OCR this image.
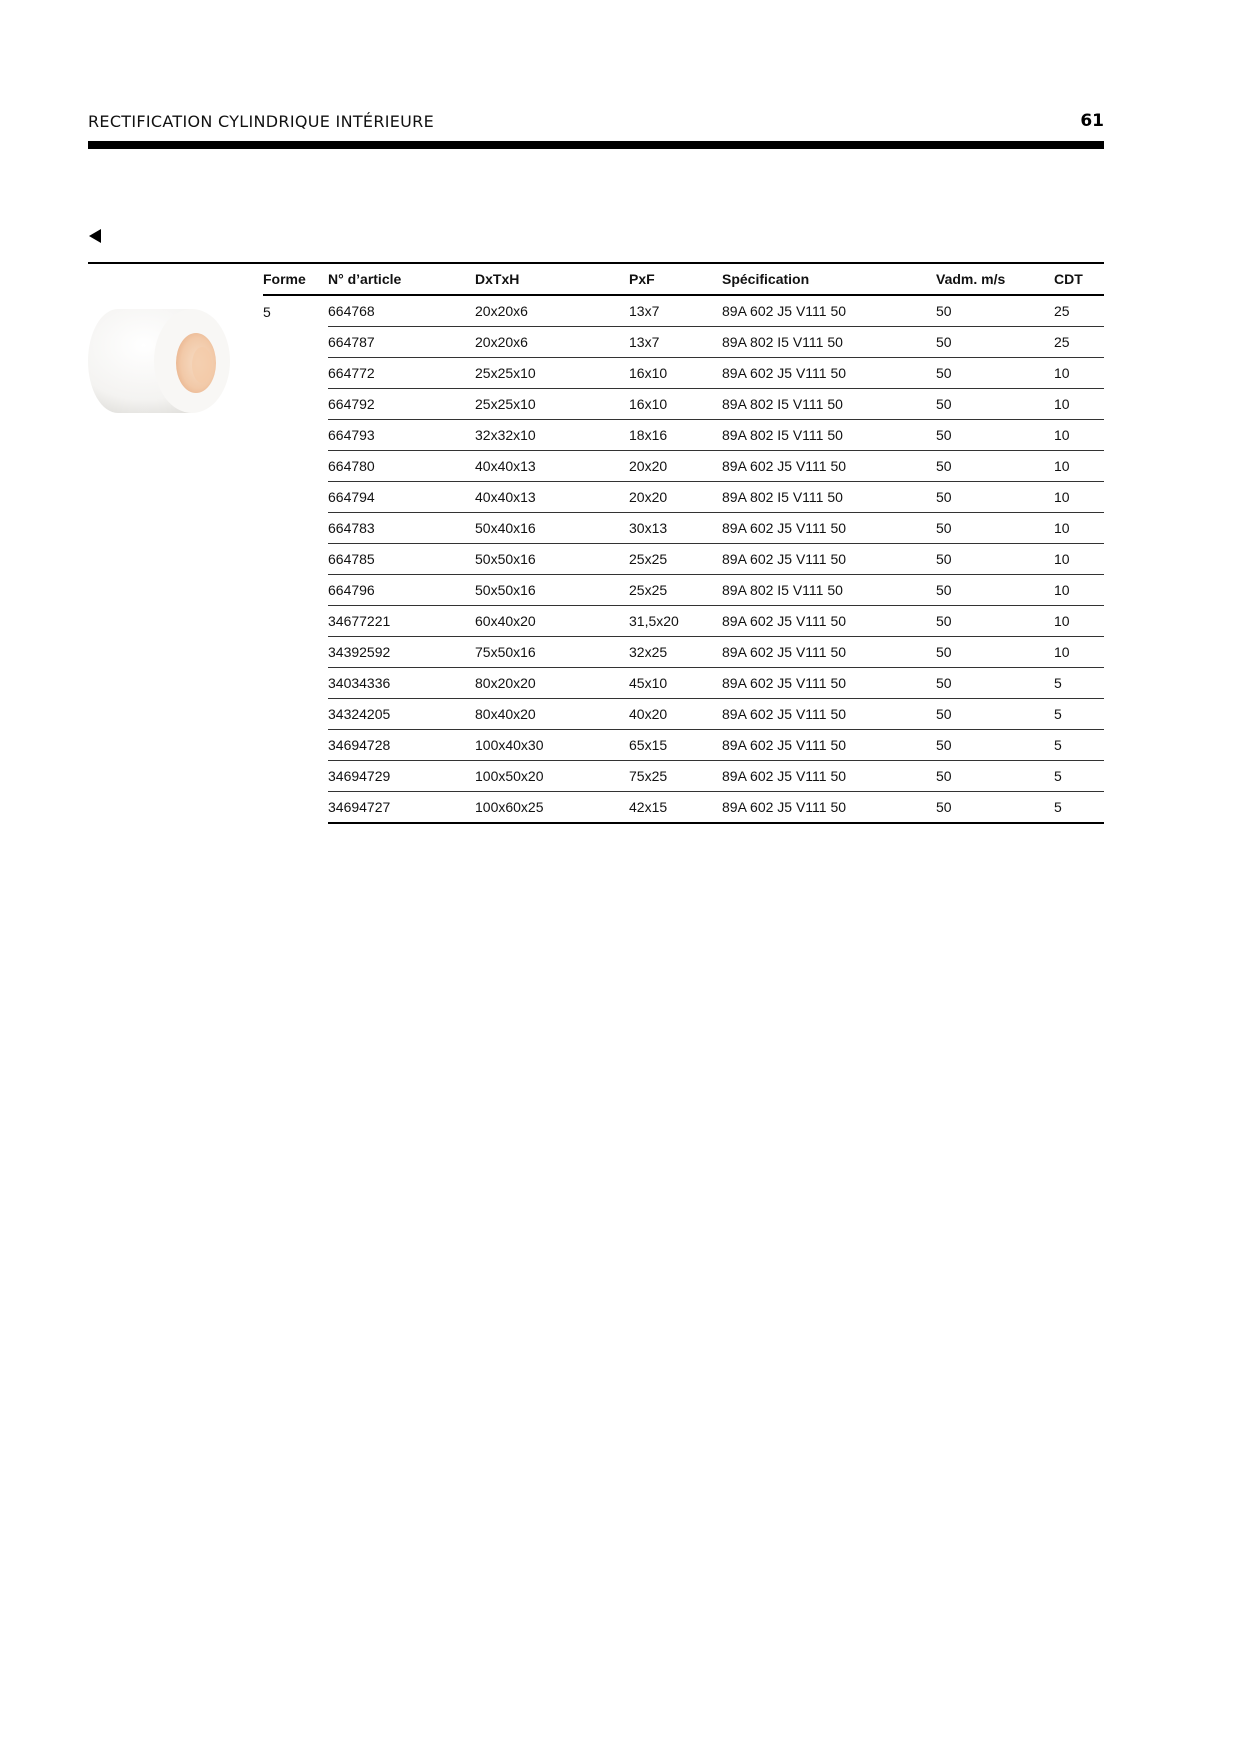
RECTIFICATION CYLINDRIQUE INTÉRIEURE	61
	Forme	N° d’article	DxTxH	PxF	Spécification	Vadm. m/s	CDT

	5	664768	20x20x6	13x7	89A 602 J5 V111 50	50	25
		664787	20x20x6	13x7	89A 802 I5 V111 50	50	25
		664772	25x25x10	16x10	89A 602 J5 V111 50	50	10
		664792	25x25x10	16x10	89A 802 I5 V111 50	50	10
		664793	32x32x10	18x16	89A 802 I5 V111 50	50	10
		664780	40x40x13	20x20	89A 602 J5 V111 50	50	10
		664794	40x40x13	20x20	89A 802 I5 V111 50	50	10
		664783	50x40x16	30x13	89A 602 J5 V111 50	50	10
		664785	50x50x16	25x25	89A 602 J5 V111 50	50	10
		664796	50x50x16	25x25	89A 802 I5 V111 50	50	10
		34677221	60x40x20	31,5x20	89A 602 J5 V111 50	50	10
		34392592	75x50x16	32x25	89A 602 J5 V111 50	50	10
		34034336	80x20x20	45x10	89A 602 J5 V111 50	50	5
		34324205	80x40x20	40x20	89A 602 J5 V111 50	50	5
		34694728	100x40x30	65x15	89A 602 J5 V111 50	50	5
		34694729	100x50x20	75x25	89A 602 J5 V111 50	50	5
		34694727	100x60x25	42x15	89A 602 J5 V111 50	50	5
